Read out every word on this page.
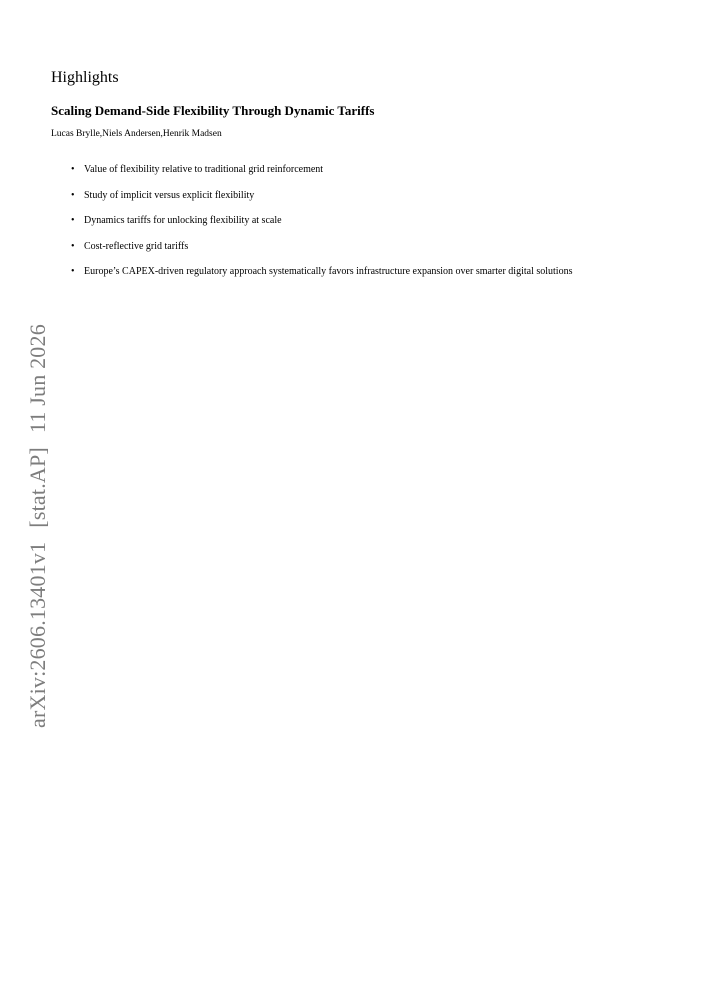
arXiv:2606.13401v1[stat.AP]11 Jun 2026
Highlights
Scaling Demand-Side Flexibility Through Dynamic Tariffs

Lucas Brylle,Niels Andersen,Henrik Madsen

• Value of flexibility relative to traditional grid reinforcement
• Study of implicit versus explicit flexibility
• Dynamics tariffs for unlocking flexibility at scale
• Cost-reflective grid tariffs
• Europe’s CAPEX-driven regulatory approach systematically favors infrastructure expansion over smarter digital solutions
